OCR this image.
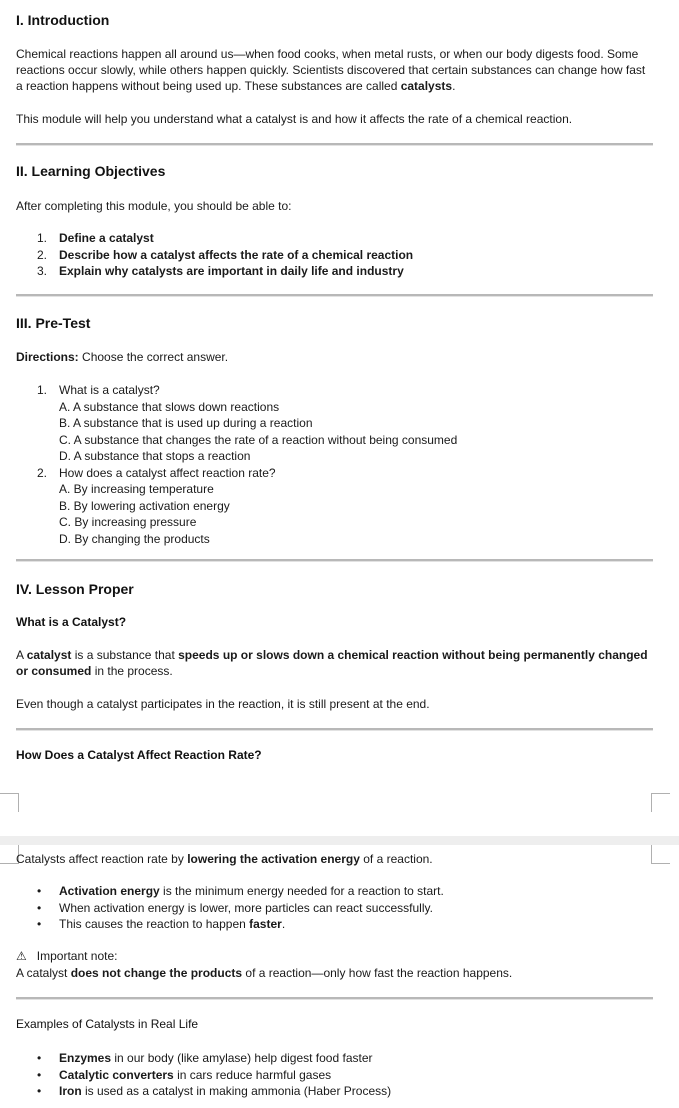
I. Introduction

Chemical reactions happen all around us—when food cooks, when metal rusts, or when our body digests food. Some reactions occur slowly, while others happen quickly. Scientists discovered that certain substances can change how fast a reaction happens without being used up. These substances are called catalysts.

This module will help you understand what a catalyst is and how it affects the rate of a chemical reaction.

II. Learning Objectives

After completing this module, you should be able to:

1. Define a catalyst
2. Describe how a catalyst affects the rate of a chemical reaction
3. Explain why catalysts are important in daily life and industry
III. Pre-Test

Directions: Choose the correct answer.

1. What is a catalyst?
A. A substance that slows down reactions
B. A substance that is used up during a reaction
C. A substance that changes the rate of a reaction without being consumed
D. A substance that stops a reaction
2. How does a catalyst affect reaction rate?
A. By increasing temperature
B. By lowering activation energy
C. By increasing pressure
D. By changing the products
IV. Lesson Proper
What is a Catalyst?

A catalyst is a substance that speeds up or slows down a chemical reaction without being permanently changed or consumed in the process.

Even though a catalyst participates in the reaction, it is still present at the end.

How Does a Catalyst Affect Reaction Rate?

Catalysts affect reaction rate by lowering the activation energy of a reaction.

• Activation energy is the minimum energy needed for a reaction to start.
• When activation energy is lower, more particles can react successfully.
• This causes the reaction to happen faster.

⚠ Important note:

A catalyst does not change the products of a reaction—only how fast the reaction happens.

Examples of Catalysts in Real Life
• Enzymes in our body (like amylase) help digest food faster
• Catalytic converters in cars reduce harmful gases
• Iron is used as a catalyst in making ammonia (Haber Process)
